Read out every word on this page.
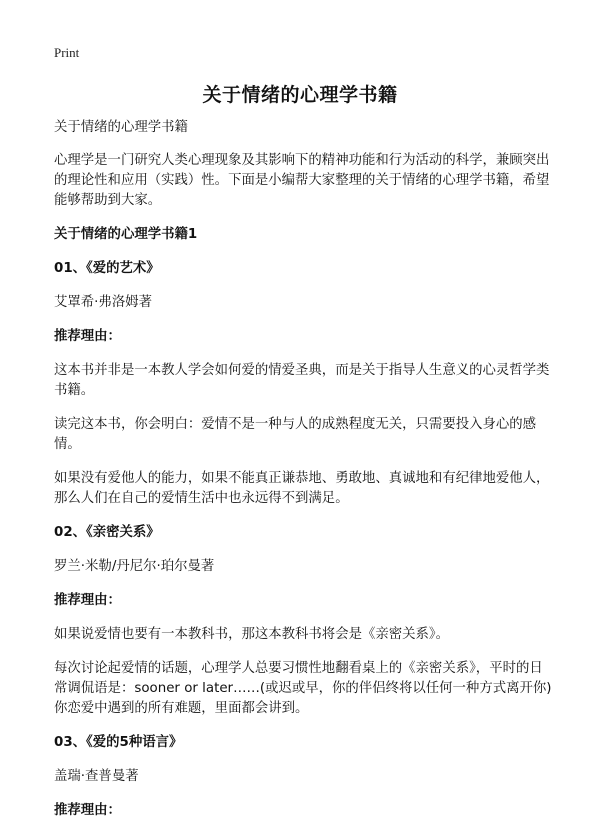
Print
关于情绪的心理学书籍

关于情绪的心理学书籍

心理学是一门研究人类心理现象及其影响下的精神功能和行为活动的科学，兼顾突出的理论性和应用（实践）性。下面是小编帮大家整理的关于情绪的心理学书籍，希望能够帮助到大家。

关于情绪的心理学书籍1

01、《爱的艺术》

艾罩希·弗洛姆著

推荐理由：

这本书并非是一本教人学会如何爱的情爱圣典，而是关于指导人生意义的心灵哲学类书籍。

读完这本书，你会明白：爱情不是一种与人的成熟程度无关，只需要投入身心的感情。

如果没有爱他人的能力，如果不能真正谦恭地、勇敢地、真诚地和有纪律地爱他人，那么人们在自己的爱情生活中也永远得不到满足。

02、《亲密关系》

罗兰·米勒/丹尼尔·珀尔曼著

推荐理由：

如果说爱情也要有一本教科书，那这本教科书将会是《亲密关系》。

每次讨论起爱情的话题，心理学人总要习惯性地翻看桌上的《亲密关系》，平时的日常调侃语是：sooner or later……(或迟或早，你的伴侣终将以任何一种方式离开你)你恋爱中遇到的所有难题，里面都会讲到。

03、《爱的5种语言》

盖瑞·查普曼著

推荐理由：
